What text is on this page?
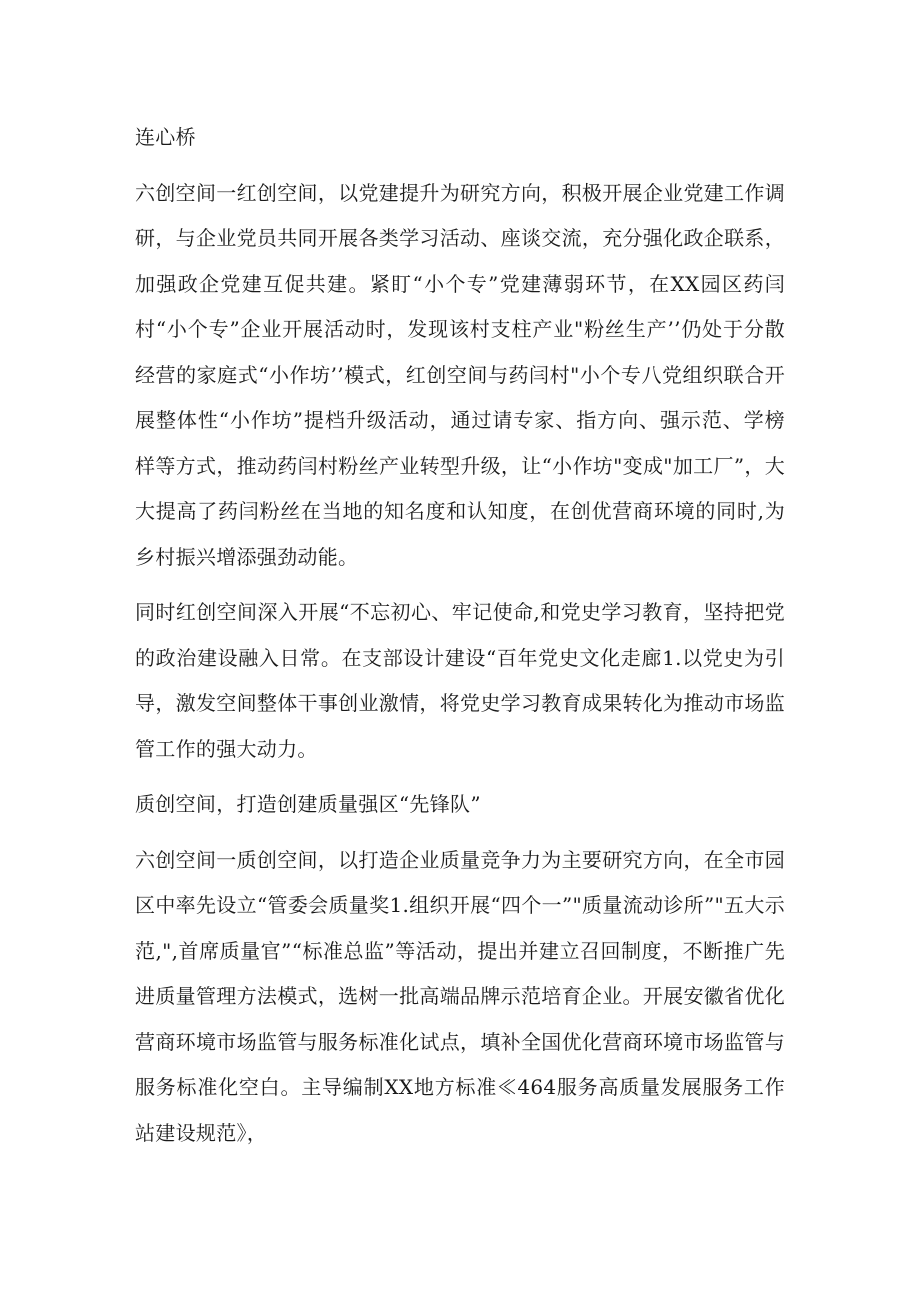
连心桥

六创空间一红创空间，以党建提升为研究方向，积极开展企业党建工作调研，与企业党员共同开展各类学习活动、座谈交流，充分强化政企联系，加强政企党建互促共建。紧盯“小个专”党建薄弱环节，在XX园区药闫村“小个专”企业开展活动时，发现该村支柱产业"粉丝生产’’仍处于分散经营的家庭式“小作坊’’模式，红创空间与药闫村"小个专八党组织联合开展整体性“小作坊”提档升级活动，通过请专家、指方向、强示范、学榜样等方式，推动药闫村粉丝产业转型升级，让“小作坊"变成"加工厂”，大大提高了药闫粉丝在当地的知名度和认知度，在创优营商环境的同时,为乡村振兴增添强劲动能。

同时红创空间深入开展“不忘初心、牢记使命,和党史学习教育，坚持把党的政治建设融入日常。在支部设计建设“百年党史文化走廊1.以党史为引导，激发空间整体干事创业激情，将党史学习教育成果转化为推动市场监管工作的强大动力。

质创空间，打造创建质量强区“先锋队”

六创空间一质创空间，以打造企业质量竞争力为主要研究方向，在全市园区中率先设立“管委会质量奖1.组织开展“四个一”"质量流动诊所”"五大示范,",首席质量官”“标准总监”等活动，提出并建立召回制度，不断推广先进质量管理方法模式，选树一批高端品牌示范培育企业。开展安徽省优化营商环境市场监管与服务标准化试点，填补全国优化营商环境市场监管与服务标准化空白。主导编制XX地方标准≪464服务高质量发展服务工作站建设规范》，
